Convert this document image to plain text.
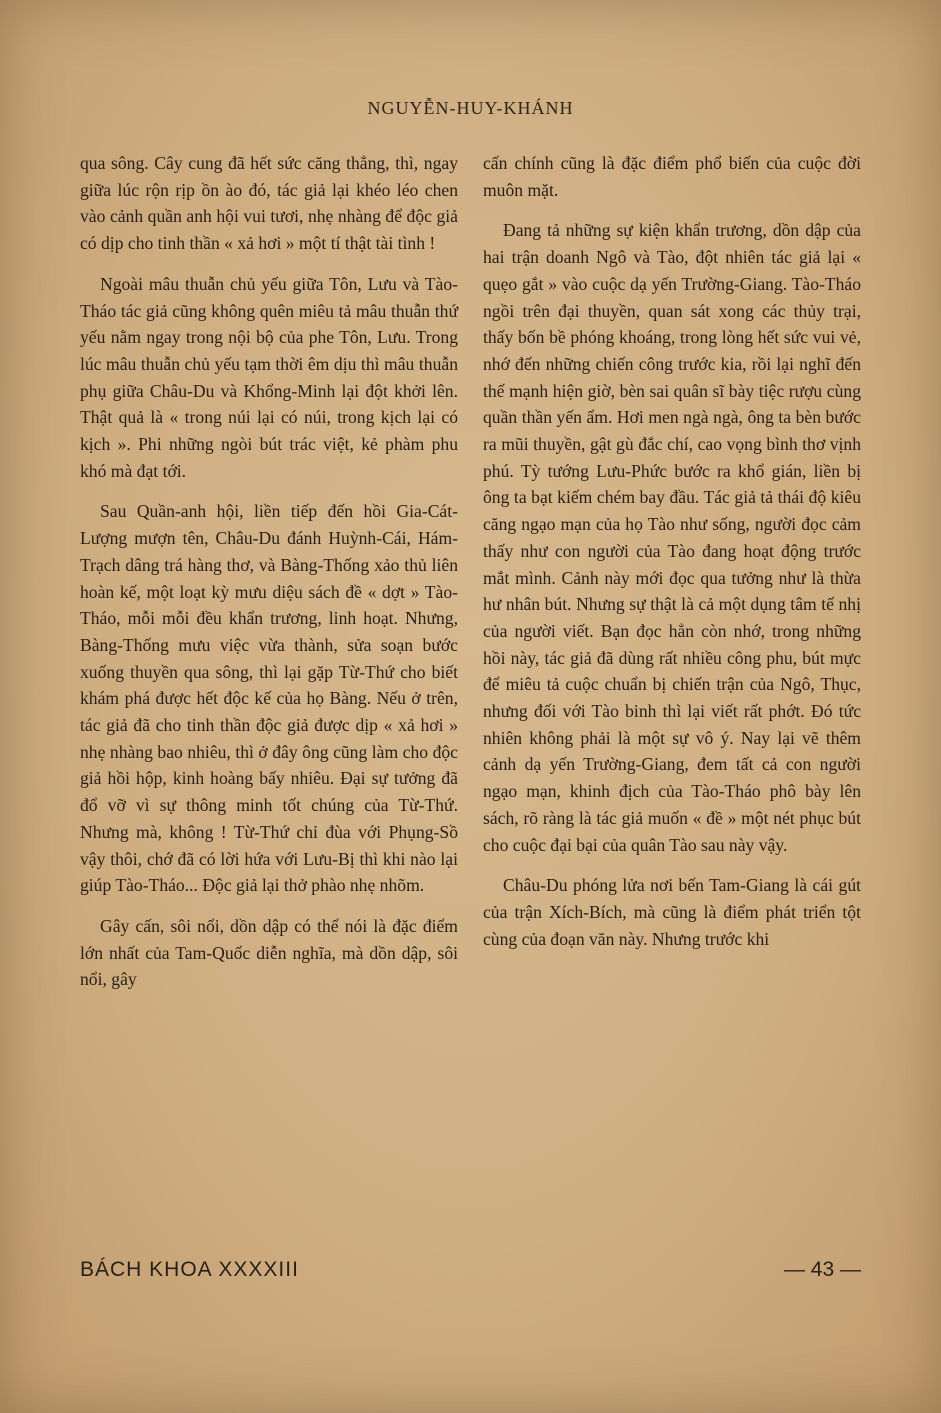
NGUYỄN-HUY-KHÁNH

qua sông. Cây cung đã hết sức căng thẳng, thì, ngay giữa lúc rộn rịp ồn ào đó, tác giả lại khéo léo chen vào cảnh quần anh hội vui tươi, nhẹ nhàng để độc giả có dịp cho tinh thần « xả hơi » một tí thật tài tình !

Ngoài mâu thuẫn chủ yếu giữa Tôn, Lưu và Tào-Tháo tác giả cũng không quên miêu tả mâu thuẫn thứ yếu nằm ngay trong nội bộ của phe Tôn, Lưu. Trong lúc mâu thuẫn chủ yếu tạm thời êm dịu thì mâu thuẫn phụ giữa Châu-Du và Khổng-Minh lại đột khởi lên. Thật quả là « trong núi lại có núi, trong kịch lại có kịch ». Phi những ngòi bút trác việt, kẻ phàm phu khó mà đạt tới.

Sau Quần-anh hội, liền tiếp đến hồi Gia-Cát-Lượng mượn tên, Châu-Du đánh Huỳnh-Cái, Hám-Trạch dâng trá hàng thơ, và Bàng-Thống xảo thủ liên hoàn kế, một loạt kỳ mưu diệu sách đề « dợt » Tào-Tháo, mỗi mỗi đều khẩn trương, linh hoạt. Nhưng, Bàng-Thống mưu việc vừa thành, sửa soạn bước xuống thuyền qua sông, thì lại gặp Từ-Thứ cho biết khám phá được hết độc kế của họ Bàng. Nếu ở trên, tác giả đã cho tinh thần độc giả được dịp « xả hơi » nhẹ nhàng bao nhiêu, thì ở đây ông cũng làm cho độc giả hồi hộp, kinh hoàng bấy nhiêu. Đại sự tưởng đã đổ vỡ vì sự thông minh tốt chúng của Từ-Thứ. Nhưng mà, không ! Từ-Thứ chỉ đùa với Phụng-Sồ vậy thôi, chớ đã có lời hứa với Lưu-Bị thì khi nào lại giúp Tào-Tháo... Độc giả lại thở phào nhẹ nhõm.

Gây cấn, sôi nổi, dồn dập có thể nói là đặc điểm lớn nhất của Tam-Quốc diễn nghĩa, mà dồn dập, sôi nổi, gây

cấn chính cũng là đặc điểm phổ biến của cuộc đời muôn mặt.

Đang tả những sự kiện khẩn trương, dồn dập của hai trận doanh Ngô và Tào, đột nhiên tác giả lại « quẹo gắt » vào cuộc dạ yến Trường-Giang. Tào-Tháo ngồi trên đại thuyền, quan sát xong các thủy trại, thấy bốn bề phóng khoáng, trong lòng hết sức vui vẻ, nhớ đến những chiến công trước kia, rồi lại nghĩ đến thế mạnh hiện giờ, bèn sai quân sĩ bày tiệc rượu cùng quần thần yến ẩm. Hơi men ngà ngà, ông ta bèn bước ra mũi thuyền, gật gù đắc chí, cao vọng bình thơ vịnh phú. Tỳ tướng Lưu-Phức bước ra khổ gián, liền bị ông ta bạt kiếm chém bay đầu. Tác giả tả thái độ kiêu căng ngạo mạn của họ Tào như sống, người đọc cảm thấy như con người của Tào đang hoạt động trước mắt mình. Cảnh này mới đọc qua tưởng như là thừa hư nhân bút. Nhưng sự thật là cả một dụng tâm tế nhị của người viết. Bạn đọc hẳn còn nhớ, trong những hồi này, tác giả đã dùng rất nhiều công phu, bút mực để miêu tả cuộc chuẩn bị chiến trận của Ngô, Thục, nhưng đối với Tào binh thì lại viết rất phớt. Đó tức nhiên không phải là một sự vô ý. Nay lại vẽ thêm cảnh dạ yến Trường-Giang, đem tất cả con người ngạo mạn, khinh địch của Tào-Tháo phô bày lên sách, rõ ràng là tác giả muốn « đề » một nét phục bút cho cuộc đại bại của quân Tào sau này vậy.

Châu-Du phóng lửa nơi bến Tam-Giang là cái gút của trận Xích-Bích, mà cũng là điểm phát triển tột cùng của đoạn văn này. Nhưng trước khi

BÁCH KHOA XXXXIII	— 43 —
